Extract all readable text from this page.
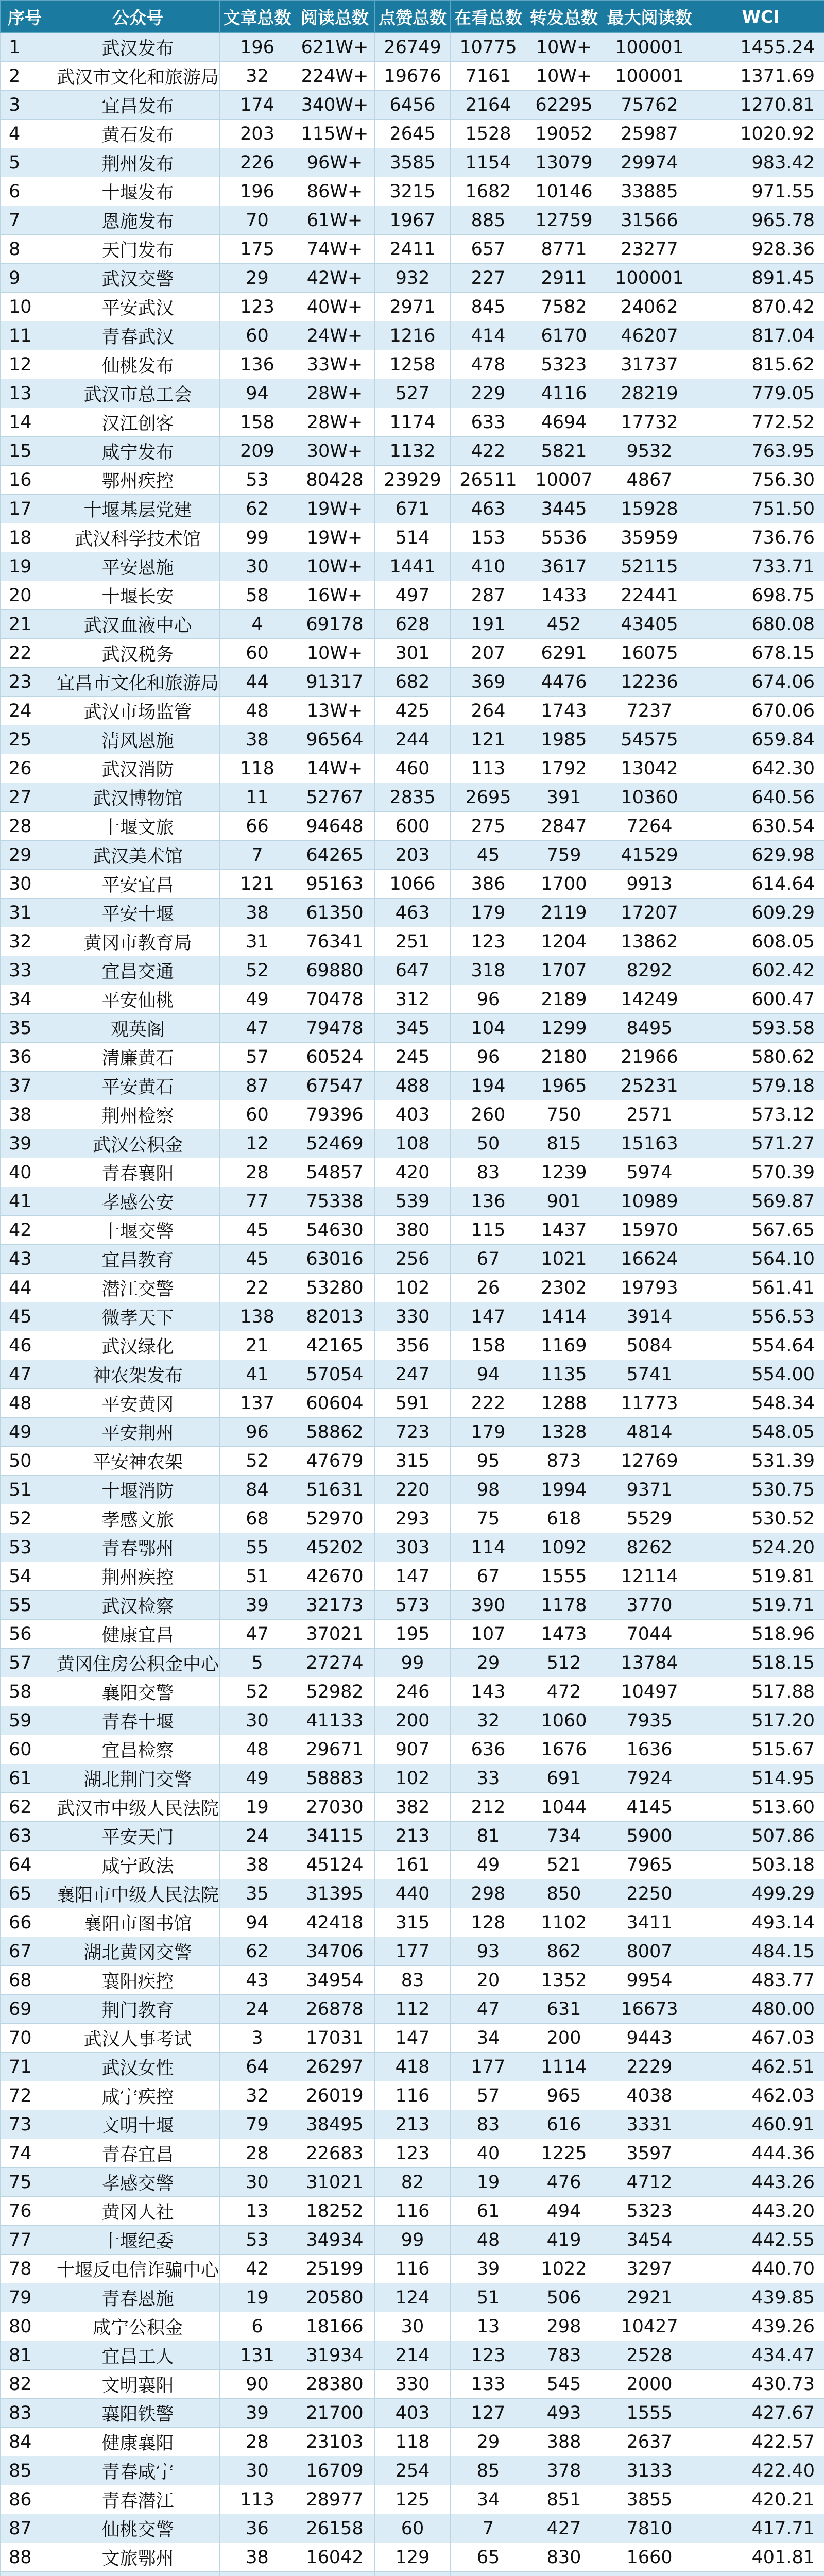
序号	公众号	文章总数	阅读总数	点赞总数	在看总数	转发总数	最大阅读数	WCI
1	武汉发布	196	621W+	26749	10775	10W+	100001	1455.24
2	武汉市文化和旅游局	32	224W+	19676	7161	10W+	100001	1371.69
3	宜昌发布	174	340W+	6456	2164	62295	75762	1270.81
4	黄石发布	203	115W+	2645	1528	19052	25987	1020.92
5	荆州发布	226	96W+	3585	1154	13079	29974	983.42
6	十堰发布	196	86W+	3215	1682	10146	33885	971.55
7	恩施发布	70	61W+	1967	885	12759	31566	965.78
8	天门发布	175	74W+	2411	657	8771	23277	928.36
9	武汉交警	29	42W+	932	227	2911	100001	891.45
10	平安武汉	123	40W+	2971	845	7582	24062	870.42
11	青春武汉	60	24W+	1216	414	6170	46207	817.04
12	仙桃发布	136	33W+	1258	478	5323	31737	815.62
13	武汉市总工会	94	28W+	527	229	4116	28219	779.05
14	汉江创客	158	28W+	1174	633	4694	17732	772.52
15	咸宁发布	209	30W+	1132	422	5821	9532	763.95
16	鄂州疾控	53	80428	23929	26511	10007	4867	756.30
17	十堰基层党建	62	19W+	671	463	3445	15928	751.50
18	武汉科学技术馆	99	19W+	514	153	5536	35959	736.76
19	平安恩施	30	10W+	1441	410	3617	52115	733.71
20	十堰长安	58	16W+	497	287	1433	22441	698.75
21	武汉血液中心	4	69178	628	191	452	43405	680.08
22	武汉税务	60	10W+	301	207	6291	16075	678.15
23	宜昌市文化和旅游局	44	91317	682	369	4476	12236	674.06
24	武汉市场监管	48	13W+	425	264	1743	7237	670.06
25	清风恩施	38	96564	244	121	1985	54575	659.84
26	武汉消防	118	14W+	460	113	1792	13042	642.30
27	武汉博物馆	11	52767	2835	2695	391	10360	640.56
28	十堰文旅	66	94648	600	275	2847	7264	630.54
29	武汉美术馆	7	64265	203	45	759	41529	629.98
30	平安宜昌	121	95163	1066	386	1700	9913	614.64
31	平安十堰	38	61350	463	179	2119	17207	609.29
32	黄冈市教育局	31	76341	251	123	1204	13862	608.05
33	宜昌交通	52	69880	647	318	1707	8292	602.42
34	平安仙桃	49	70478	312	96	2189	14249	600.47
35	观英阁	47	79478	345	104	1299	8495	593.58
36	清廉黄石	57	60524	245	96	2180	21966	580.62
37	平安黄石	87	67547	488	194	1965	25231	579.18
38	荆州检察	60	79396	403	260	750	2571	573.12
39	武汉公积金	12	52469	108	50	815	15163	571.27
40	青春襄阳	28	54857	420	83	1239	5974	570.39
41	孝感公安	77	75338	539	136	901	10989	569.87
42	十堰交警	45	54630	380	115	1437	15970	567.65
43	宜昌教育	45	63016	256	67	1021	16624	564.10
44	潜江交警	22	53280	102	26	2302	19793	561.41
45	微孝天下	138	82013	330	147	1414	3914	556.53
46	武汉绿化	21	42165	356	158	1169	5084	554.64
47	神农架发布	41	57054	247	94	1135	5741	554.00
48	平安黄冈	137	60604	591	222	1288	11773	548.34
49	平安荆州	96	58862	723	179	1328	4814	548.05
50	平安神农架	52	47679	315	95	873	12769	531.39
51	十堰消防	84	51631	220	98	1994	9371	530.75
52	孝感文旅	68	52970	293	75	618	5529	530.52
53	青春鄂州	55	45202	303	114	1092	8262	524.20
54	荆州疾控	51	42670	147	67	1555	12114	519.81
55	武汉检察	39	32173	573	390	1178	3770	519.71
56	健康宜昌	47	37021	195	107	1473	7044	518.96
57	黄冈住房公积金中心	5	27274	99	29	512	13784	518.15
58	襄阳交警	52	52982	246	143	472	10497	517.88
59	青春十堰	30	41133	200	32	1060	7935	517.20
60	宜昌检察	48	29671	907	636	1676	1636	515.67
61	湖北荆门交警	49	58883	102	33	691	7924	514.95
62	武汉市中级人民法院	19	27030	382	212	1044	4145	513.60
63	平安天门	24	34115	213	81	734	5900	507.86
64	咸宁政法	38	45124	161	49	521	7965	503.18
65	襄阳市中级人民法院	35	31395	440	298	850	2250	499.29
66	襄阳市图书馆	94	42418	315	128	1102	3411	493.14
67	湖北黄冈交警	62	34706	177	93	862	8007	484.15
68	襄阳疾控	43	34954	83	20	1352	9954	483.77
69	荆门教育	24	26878	112	47	631	16673	480.00
70	武汉人事考试	3	17031	147	34	200	9443	467.03
71	武汉女性	64	26297	418	177	1114	2229	462.51
72	咸宁疾控	32	26019	116	57	965	4038	462.03
73	文明十堰	79	38495	213	83	616	3331	460.91
74	青春宜昌	28	22683	123	40	1225	3597	444.36
75	孝感交警	30	31021	82	19	476	4712	443.26
76	黄冈人社	13	18252	116	61	494	5323	443.20
77	十堰纪委	53	34934	99	48	419	3454	442.55
78	十堰反电信诈骗中心	42	25199	116	39	1022	3297	440.70
79	青春恩施	19	20580	124	51	506	2921	439.85
80	咸宁公积金	6	18166	30	13	298	10427	439.26
81	宜昌工人	131	31934	214	123	783	2528	434.47
82	文明襄阳	90	28380	330	133	545	2000	430.73
83	襄阳铁警	39	21700	403	127	493	1555	427.67
84	健康襄阳	28	23103	118	29	388	2637	422.57
85	青春咸宁	30	16709	254	85	378	3133	422.40
86	青春潜江	113	28977	125	34	851	3855	420.21
87	仙桃交警	36	26158	60	7	427	7810	417.71
88	文旅鄂州	38	16042	129	65	830	1660	401.81
